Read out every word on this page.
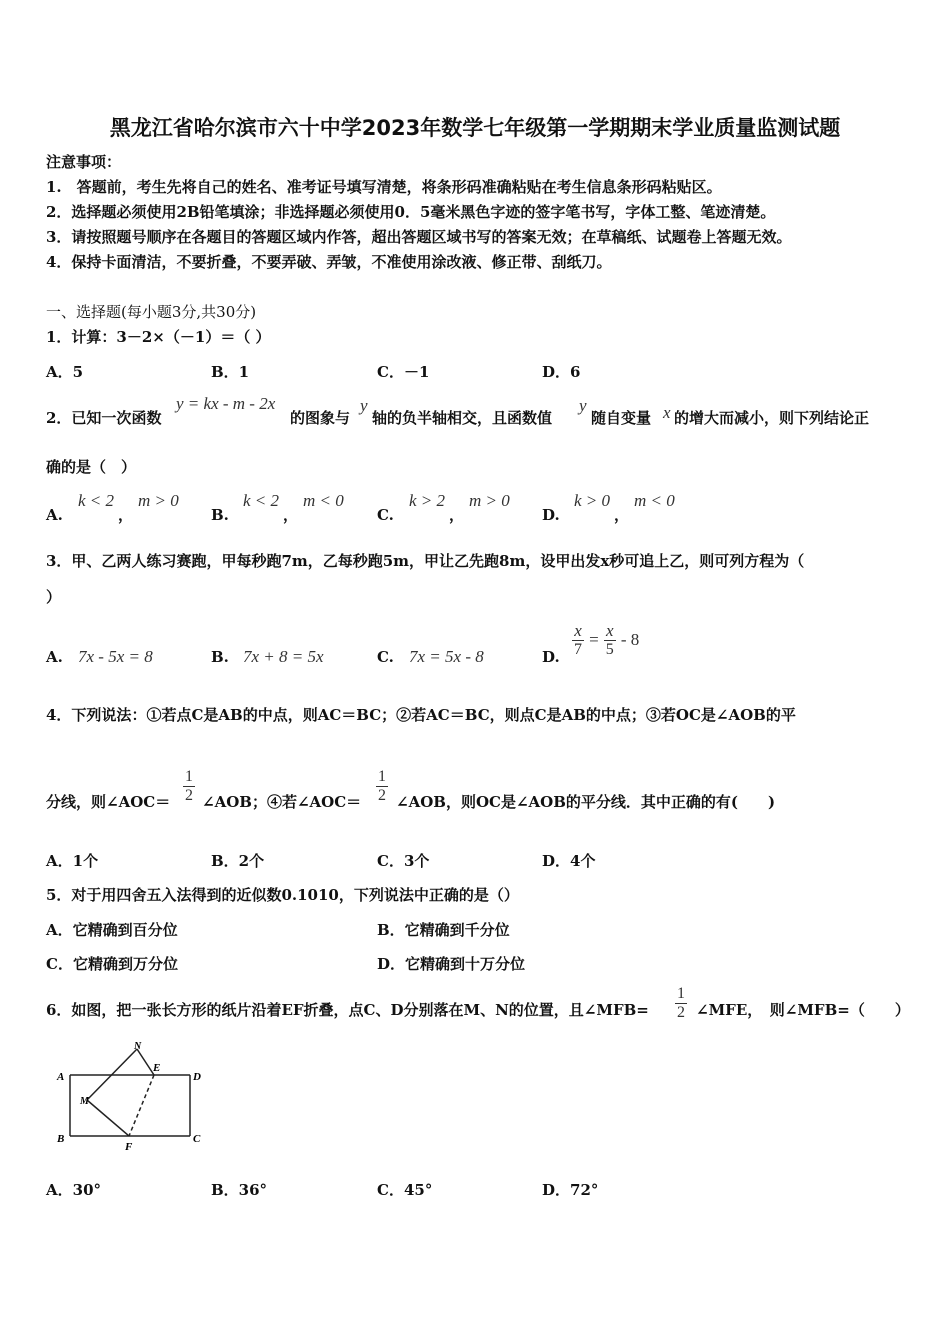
黑龙江省哈尔滨市六十中学2023年数学七年级第一学期期末学业质量监测试题
注意事项：
1.　答题前，考生先将自己的姓名、准考证号填写清楚，将条形码准确粘贴在考生信息条形码粘贴区。
2．选择题必须使用2B铅笔填涂；非选择题必须使用0．5毫米黑色字迹的签字笔书写，字体工整、笔迹清楚。
3．请按照题号顺序在各题目的答题区域内作答，超出答题区域书写的答案无效；在草稿纸、试题卷上答题无效。
4．保持卡面清洁，不要折叠，不要弄破、弄皱，不准使用涂改液、修正带、刮纸刀。
一、选择题(每小题3分,共30分)
1．计算：3－2×（－1）＝（ ）
A．5	B．1	C．－1	D．6
2．已知一次函数
y = kx - m - 2x
的图象与
y
轴的负半轴相交，且函数值
y
随自变量 x 的增大而减小，则下列结论正
确的是（　）
A.
k < 2
，
m > 0
B.
k < 2
，
m < 0
C.
k > 2
，
m > 0
D.
k > 0
，
m < 0
3．甲、乙两人练习赛跑，甲每秒跑7m，乙每秒跑5m，甲让乙先跑8m，设甲出发x秒可追上乙，则可列方程为（
）
A. 7x - 5x = 8	B. 7x + 8 = 5x	C. 7x = 5x - 8	D. $\frac{x}{7} = \frac{x}{5} - 8$
4．下列说法：①若点C是AB的中点，则AC＝BC；②若AC＝BC，则点C是AB的中点；③若OC是∠AOB的平
分线，则∠AOC＝ $\frac{1}{2}$ ∠AOB；④若∠AOC＝ $\frac{1}{2}$ ∠AOB，则OC是∠AOB的平分线．其中正确的有(　　)
A．1个	B．2个	C．3个	D．4个
5．对于用四舍五入法得到的近似数0.1010，下列说法中正确的是（）
A．它精确到百分位	B．它精确到千分位
C．它精确到万分位	D．它精确到十万分位
6．如图，把一张长方形的纸片沿着EF折叠，点C、D分别落在M、N的位置，且∠MFB= $\frac{1}{2}$ ∠MFE，　则∠MFB=（　　）
A
B	C
D
E
F
M
N
A．30°	B．36°	C．45°	D．72°
